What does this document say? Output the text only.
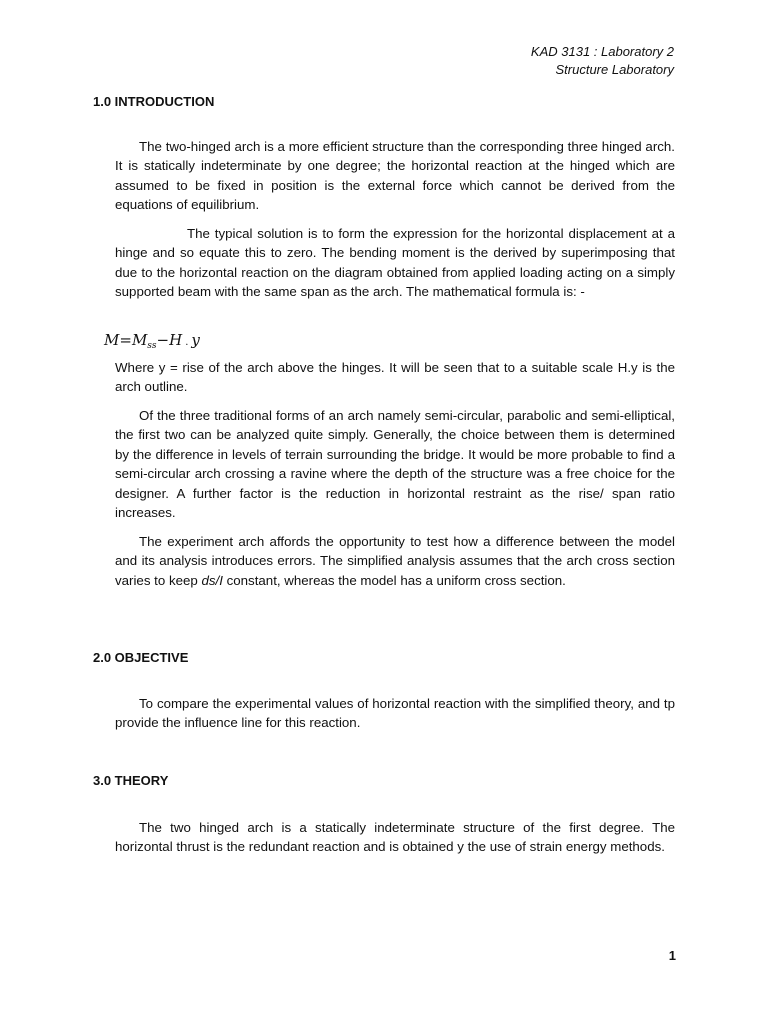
KAD 3131 : Laboratory 2
Structure Laboratory
1.0 INTRODUCTION

The two-hinged arch is a more efficient structure than the corresponding three hinged arch. It is statically indeterminate by one degree; the horizontal reaction at the hinged which are assumed to be fixed in position is the external force which cannot be derived from the equations of equilibrium.

The typical solution is to form the expression for the horizontal displacement at a hinge and so equate this to zero. The bending moment is the derived by superimposing that due to the horizontal reaction on the diagram obtained from applied loading acting on a simply supported beam with the same span as the arch. The mathematical formula is: -

$M=M_{ss}-H$ . y

Where y = rise of the arch above the hinges. It will be seen that to a suitable scale H.y is the arch outline.

Of the three traditional forms of an arch namely semi-circular, parabolic and semi-elliptical, the first two can be analyzed quite simply. Generally, the choice between them is determined by the difference in levels of terrain surrounding the bridge. It would be more probable to find a semi-circular arch crossing a ravine where the depth of the structure was a free choice for the designer. A further factor is the reduction in horizontal restraint as the rise/ span ratio increases.

The experiment arch affords the opportunity to test how a difference between the model and its analysis introduces errors. The simplified analysis assumes that the arch cross section varies to keep ds/I constant, whereas the model has a uniform cross section.

2.0 OBJECTIVE

To compare the experimental values of horizontal reaction with the simplified theory, and tp provide the influence line for this reaction.

3.0 THEORY

The two hinged arch is a statically indeterminate structure of the first degree. The horizontal thrust is the redundant reaction and is obtained y the use of strain energy methods.

1
